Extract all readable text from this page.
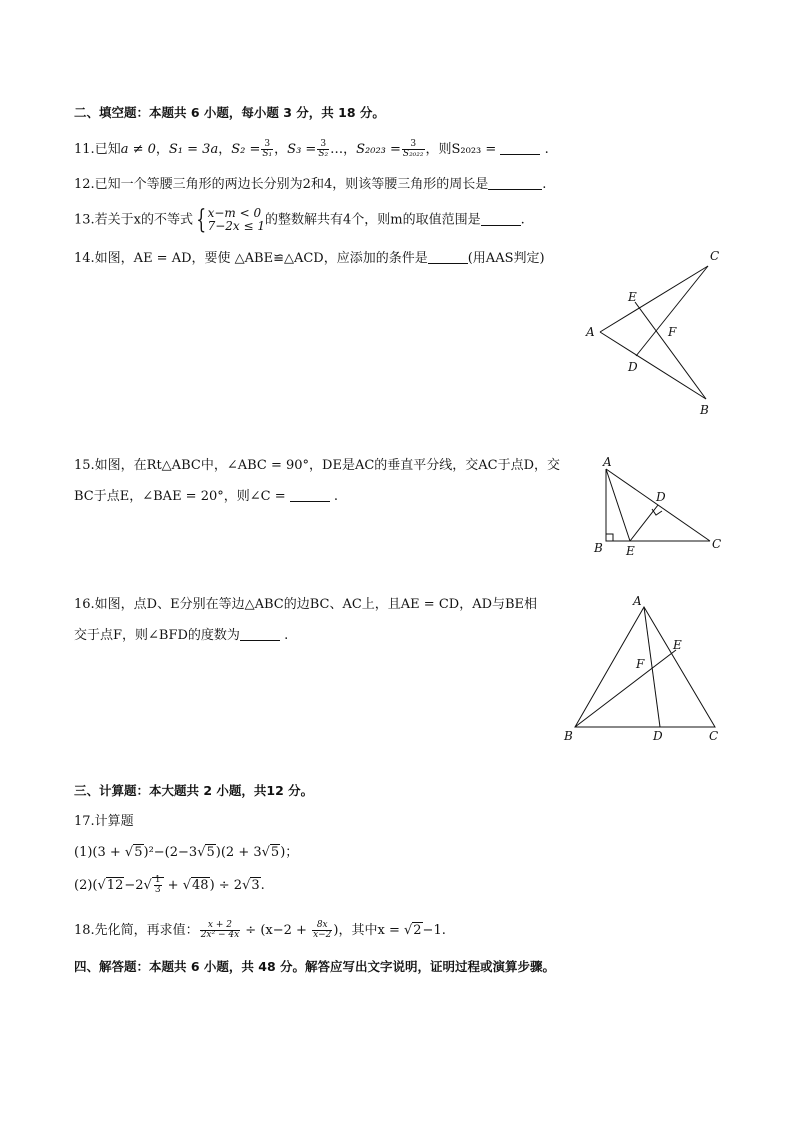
二、填空题：本题共 6 小题，每小题 3 分，共 18 分。
11.已知a ≠ 0，S₁ = 3a，$S_2 = \frac{3}{\text{S₁}}$ ，$S_3 = \frac{3}{\text{S₂}}$ …，$S_{2023} = \frac{3}{\text{S₂₀₂₂}}$ ，则S₂₀₂₃ =	.
12.已知一个等腰三角形的两边长分别为2和4，则该等腰三角形的周长是	.
13.若关于x的不等式 { x−m < 0
7−2x ≤ 1 的整数解共有4个，则m的取值范围是	.
14.如图，AE = AD，要使 △ABE≌△ACD，应添加的条件是	(用AAS判定)
A
C
E
F
D
B
15.如图，在Rt△ABC中，∠ABC = 90°，DE是AC的垂直平分线，交AC于点D，交
BC于点E，∠BAE = 20°，则∠C =	.
A
D
B E	C
16.如图，点D、E分别在等边△ABC的边BC、AC上，且AE = CD，AD与BE相
交于点F，则∠BFD的度数为	.
A
E
F
B	D	C
三、计算题：本大题共 2 小题，共12 分。
17.计算题
(1)(3 + √5)²−(2−3√5)(2 + 3√5)；
$(2)(√12-2√ \frac{1}{3} + √48) \div 2√3$.
18.先化简，再求值： $\frac{x + 2}{\text{2x² − 4x}} \div (x-2 + \frac{8x}{x-2}$ )，其中x = √2−1.
四、解答题：本题共 6 小题，共 48 分。解答应写出文字说明，证明过程或演算步骤。
